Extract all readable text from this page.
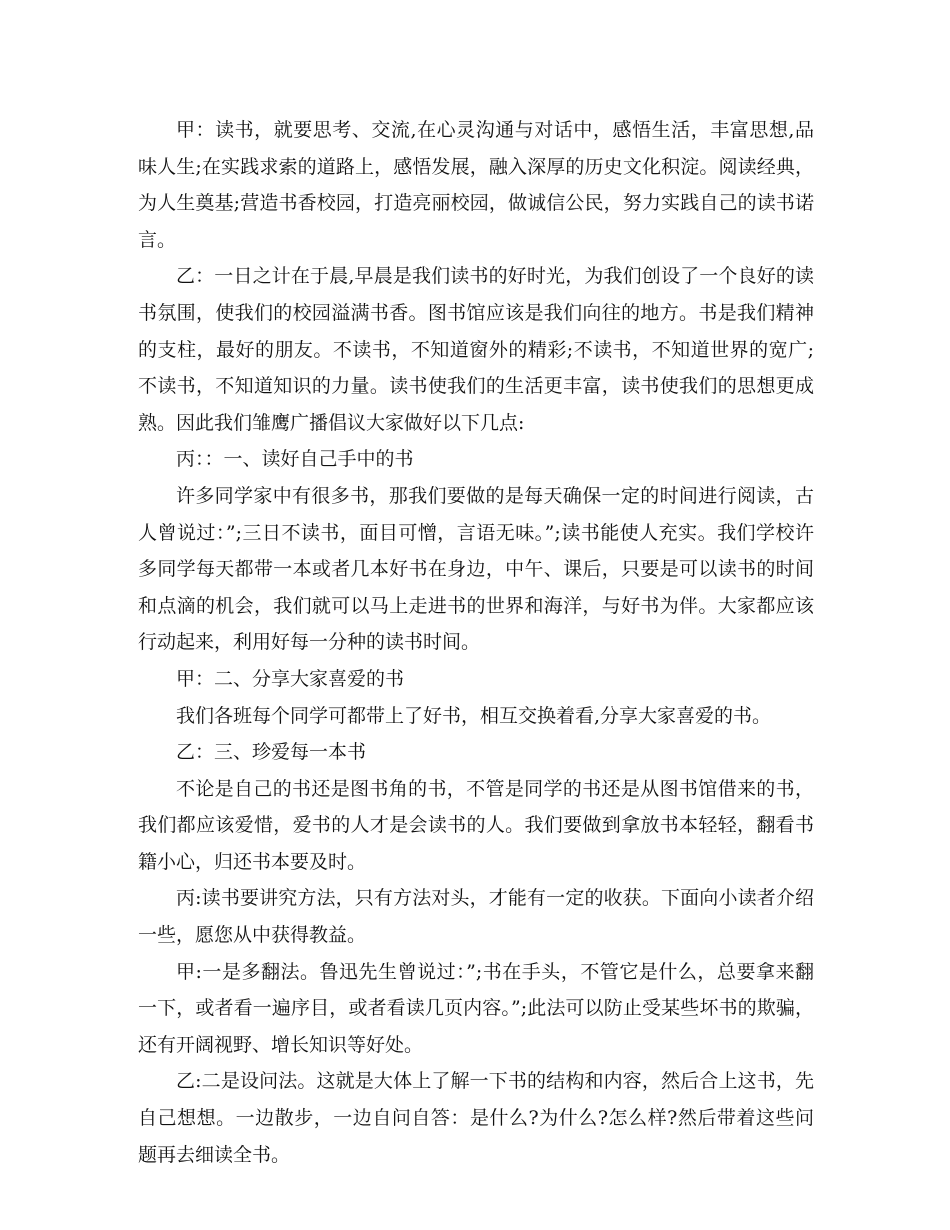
甲：读书，就要思考、交流,在心灵沟通与对话中，感悟生活，丰富思想,品味人生;在实践求索的道路上，感悟发展，融入深厚的历史文化积淀。阅读经典，为人生奠基;营造书香校园，打造亮丽校园，做诚信公民，努力实践自己的读书诺言。

乙：一日之计在于晨,早晨是我们读书的好时光，为我们创设了一个良好的读书氛围，使我们的校园溢满书香。图书馆应该是我们向往的地方。书是我们精神的支柱，最好的朋友。不读书，不知道窗外的精彩;不读书，不知道世界的宽广;不读书，不知道知识的力量。读书使我们的生活更丰富，读书使我们的思想更成熟。因此我们雏鹰广播倡议大家做好以下几点:

丙：：一、读好自己手中的书

许多同学家中有很多书，那我们要做的是每天确保一定的时间进行阅读，古人曾说过：”;三日不读书，面目可憎，言语无味。”;读书能使人充实。我们学校许多同学每天都带一本或者几本好书在身边，中午、课后，只要是可以读书的时间和点滴的机会，我们就可以马上走进书的世界和海洋，与好书为伴。大家都应该行动起来，利用好每一分种的读书时间。

甲：二、分享大家喜爱的书

我们各班每个同学可都带上了好书，相互交换着看,分享大家喜爱的书。

乙：三、珍爱每一本书

不论是自己的书还是图书角的书，不管是同学的书还是从图书馆借来的书，我们都应该爱惜，爱书的人才是会读书的人。我们要做到拿放书本轻轻，翻看书籍小心，归还书本要及时。

丙:读书要讲究方法，只有方法对头，才能有一定的收获。下面向小读者介绍一些，愿您从中获得教益。

甲:一是多翻法。鲁迅先生曾说过：”;书在手头，不管它是什么，总要拿来翻一下，或者看一遍序目，或者看读几页内容。”;此法可以防止受某些坏书的欺骗，还有开阔视野、增长知识等好处。

乙:二是设问法。这就是大体上了解一下书的结构和内容，然后合上这书，先自己想想。一边散步，一边自问自答：是什么?为什么?怎么样?然后带着这些问题再去细读全书。
